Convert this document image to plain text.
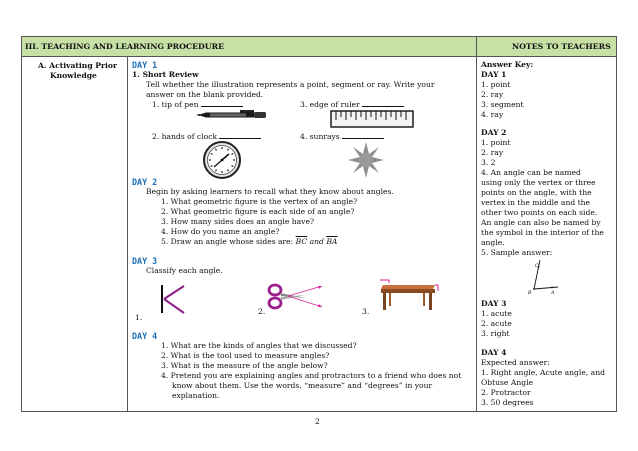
III. TEACHING AND LEARNING PROCEDURE	NOTES TO TEACHERS
A. Activating Prior
Knowledge
DAY 1
1. Short Review
Tell whether the illustration represents a point, segment or ray. Write your
answer on the blank provided.
1. tip of pen	3. edge of ruler
2. hands of clock	4. sunrays
DAY 2
Begin by asking learners to recall what they know about angles.
1. What geometric figure is the vertex of an angle?
2. What geometric figure is each side of an angle?
3. How many sides does an angle have?
4. How do you name an angle?
5. Draw an angle whose sides are: $\overline{BC}$ and $\overline{BA}$
DAY 3
Classify each angle.
1.
2.	3.
DAY 4
1. What are the kinds of angles that we discussed?
2. What is the tool used to measure angles?
3. What is the measure of the angle below?
4. Pretend you are explaining angles and protractors to a friend who does not
know about them. Use the words, “measure” and “degrees” in your
explanation.
Answer Key:
DAY 1
1. point
2. ray
3. segment
4. ray
DAY 2
1. point
2. ray
3. 2
4. An angle can be named
using only the vertex or three
points on the angle, with the
vertex in the middle and the
other two points on each side.
An angle can also be named by
the symbol in the interior of the
angle.
5. Sample answer:
C
B	A
DAY 3
1. acute
2. acute
3. right
DAY 4
Expected answer:
1. Right angle, Acute angle, and
Obtuse Angle
2. Protractor
3. 50 degrees
2
